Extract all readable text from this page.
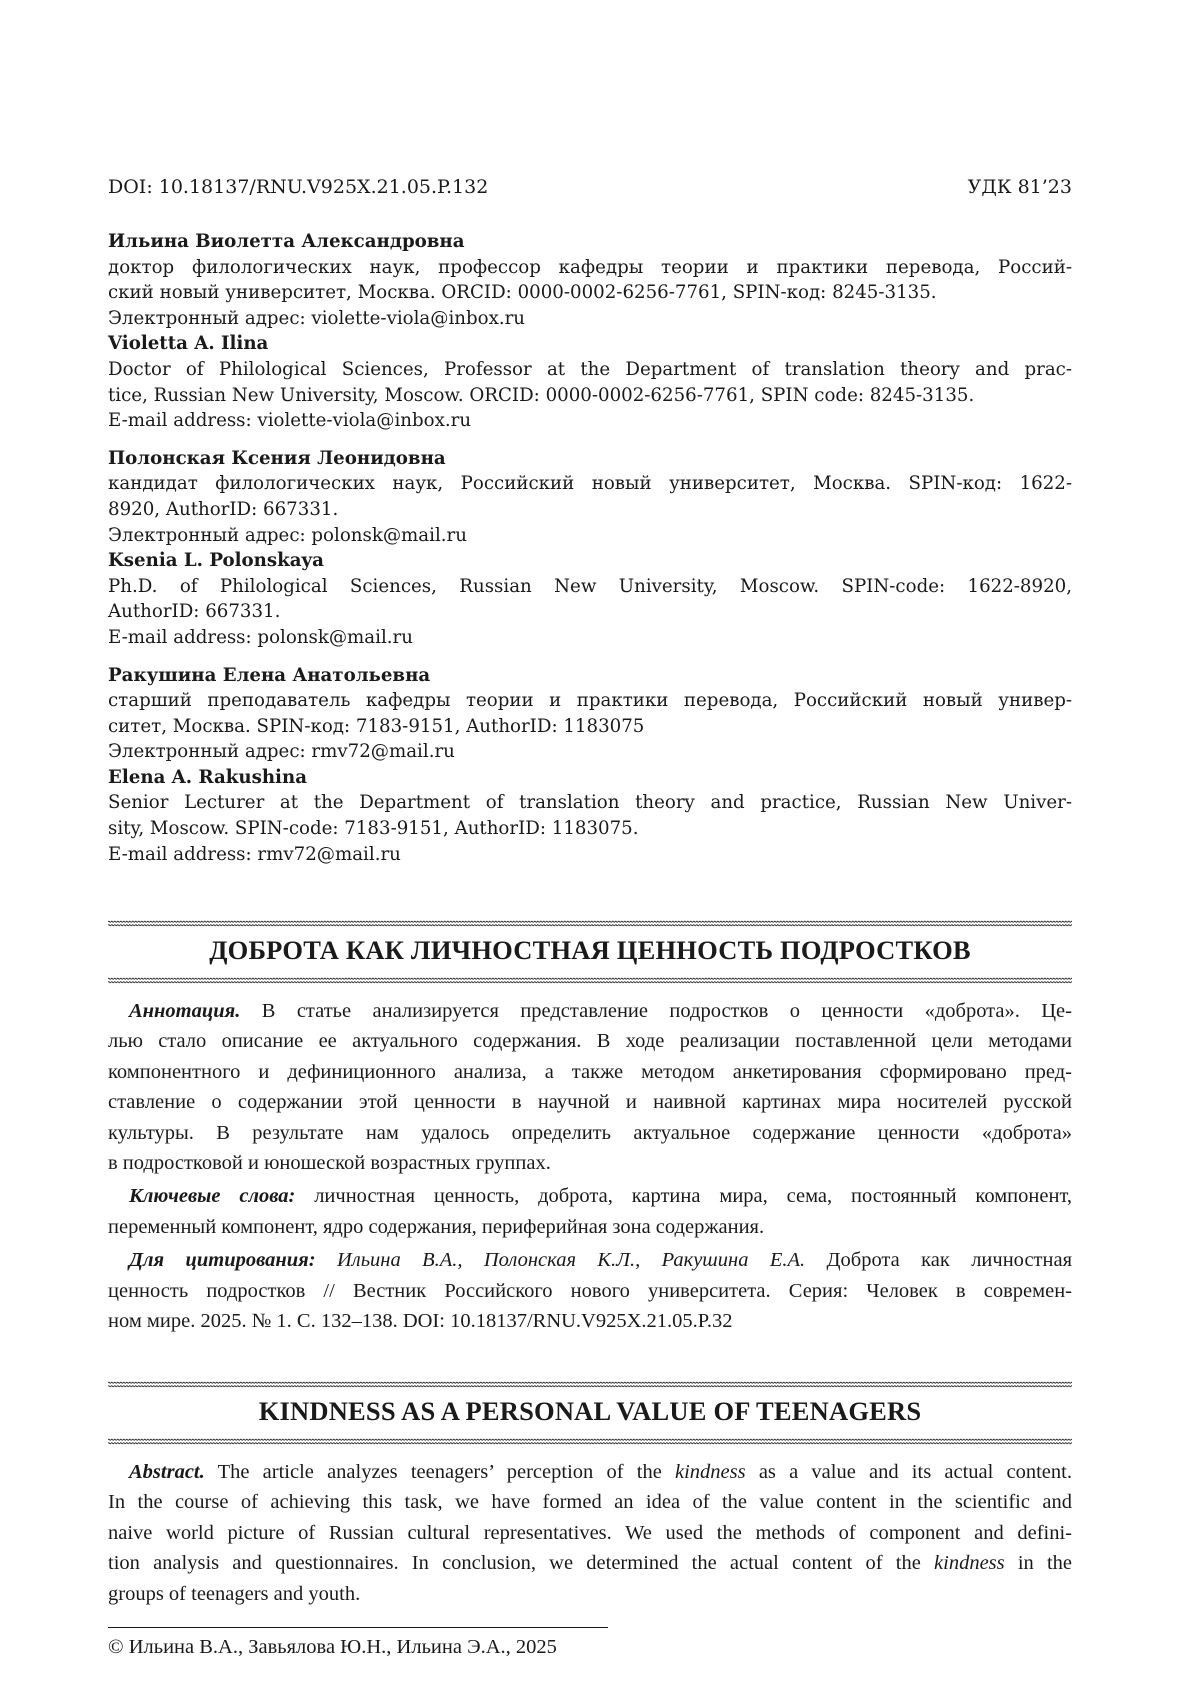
DOI: 10.18137/RNU.V925X.21.05.P.132	УДК 81’23
Ильина Виолетта Александровна
доктор филологических наук, профессор кафедры теории и практики перевода, Россий-
ский новый университет, Москва. ORCID: 0000-0002-6256-7761, SPIN-код: 8245-3135.
Электронный адрес: violette-viola@inbox.ru
Violetta A. Ilina
Doctor of Philological Sciences, Professor at the Department of translation theory and prac-
tice, Russian New University, Moscow. ORCID: 0000-0002-6256-7761, SPIN code: 8245-3135.
E-mail address: violette-viola@inbox.ru
Полонская Ксения Леонидовна
кандидат филологических наук, Российский новый университет, Москва. SPIN-код: 1622-
8920, AuthorID: 667331.
Электронный адрес: polonsk@mail.ru
Ksenia L. Polonskaya
Ph.D. of Philological Sciences, Russian New University, Moscow. SPIN-code: 1622-8920,
AuthorID: 667331.
E-mail address: polonsk@mail.ru
Ракушина Елена Анатольевна
старший преподаватель кафедры теории и практики перевода, Российский новый универ-
ситет, Москва. SPIN-код: 7183-9151, AuthorID: 1183075
Электронный адрес: rmv72@mail.ru
Elena A. Rakushina
Senior Lecturer at the Department of translation theory and practice, Russian New Univer-
sity, Moscow. SPIN-code: 7183-9151, AuthorID: 1183075.
E-mail address: rmv72@mail.ru
ДОБРОТА КАК ЛИЧНОСТНАЯ ЦЕННОСТЬ ПОДРОСТКОВ

Аннотация. В статье анализируется представление подростков о ценности «доброта». Це-
лью стало описание ее актуального содержания. В ходе реализации поставленной цели методами
компонентного и дефиниционного анализа, а также методом анкетирования сформировано пред-
ставление о содержании этой ценности в научной и наивной картинах мира носителей русской
культуры. В результате нам удалось определить актуальное содержание ценности «доброта»
в подростковой и юношеской возрастных группах.

Ключевые слова: личностная ценность, доброта, картина мира, сема, постоянный компонент,
переменный компонент, ядро содержания, периферийная зона содержания.

Для цитирования: Ильина В.А., Полонская К.Л., Ракушина Е.А. Доброта как личностная
ценность подростков // Вестник Российского нового университета. Серия: Человек в современ-
ном мире. 2025. № 1. С. 132–138. DOI: 10.18137/RNU.V925X.21.05.P.32

KINDNESS AS A PERSONAL VALUE OF TEENAGERS

Abstract. The article analyzes teenagers’ perception of the kindness as a value and its actual content.
In the course of achieving this task, we have formed an idea of the value content in the scientific and
naive world picture of Russian cultural representatives. We used the methods of component and defini-
tion analysis and questionnaires. In conclusion, we determined the actual content of the kindness in the
groups of teenagers and youth.

© Ильина В.А., Завьялова Ю.Н., Ильина Э.А., 2025
